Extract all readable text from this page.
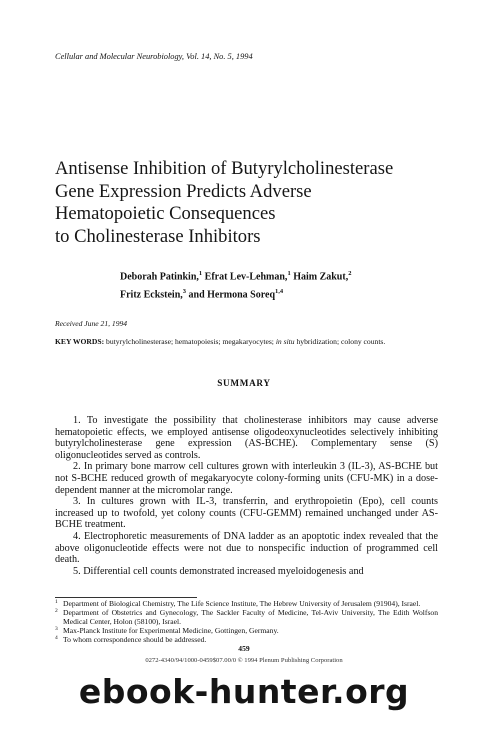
Cellular and Molecular Neurobiology, Vol. 14, No. 5, 1994
Antisense Inhibition of Butyrylcholinesterase
Gene Expression Predicts Adverse
Hematopoietic Consequences
to Cholinesterase Inhibitors
Deborah Patinkin,$^1$ Efrat Lev-Lehman,$^1$ Haim Zakut,$^2$
Fritz Eckstein,$^3$ and Hermona Soreq$^{1,4}$
Received June 21, 1994
KEY WORDS: butyrylcholinesterase; hematopoiesis; megakaryocytes; in situ hybridization; colony counts.
SUMMARY

1. To investigate the possibility that cholinesterase inhibitors may cause adverse hematopoietic effects, we employed antisense oligodeoxynucleotides selectively inhibiting butyrylcholinesterase gene expression (AS-BCHE). Complementary sense (S) oligonucleotides served as controls.

2. In primary bone marrow cell cultures grown with interleukin 3 (IL-3), AS-BCHE but not S-BCHE reduced growth of megakaryocyte colony-forming units (CFU-MK) in a dose-dependent manner at the micromolar range.

3. In cultures grown with IL-3, transferrin, and erythropoietin (Epo), cell counts increased up to twofold, yet colony counts (CFU-GEMM) remained unchanged under AS-BCHE treatment.

4. Electrophoretic measurements of DNA ladder as an apoptotic index revealed that the above oligonucleotide effects were not due to nonspecific induction of programmed cell death.

5. Differential cell counts demonstrated increased myeloidogenesis and

1 Department of Biological Chemistry, The Life Science Institute, The Hebrew University of Jerusalem (91904), Israel.
2 Department of Obstetrics and Gynecology, The Sackler Faculty of Medicine, Tel-Aviv University, The Edith Wolfson Medical Center, Holon (58100), Israel.
3 Max-Planck Institute for Experimental Medicine, Gottingen, Germany.
4 To whom correspondence should be addressed.
459
0272-4340/94/1000-0459$07.00/0 © 1994 Plenum Publishing Corporation
ebook-hunter.org
